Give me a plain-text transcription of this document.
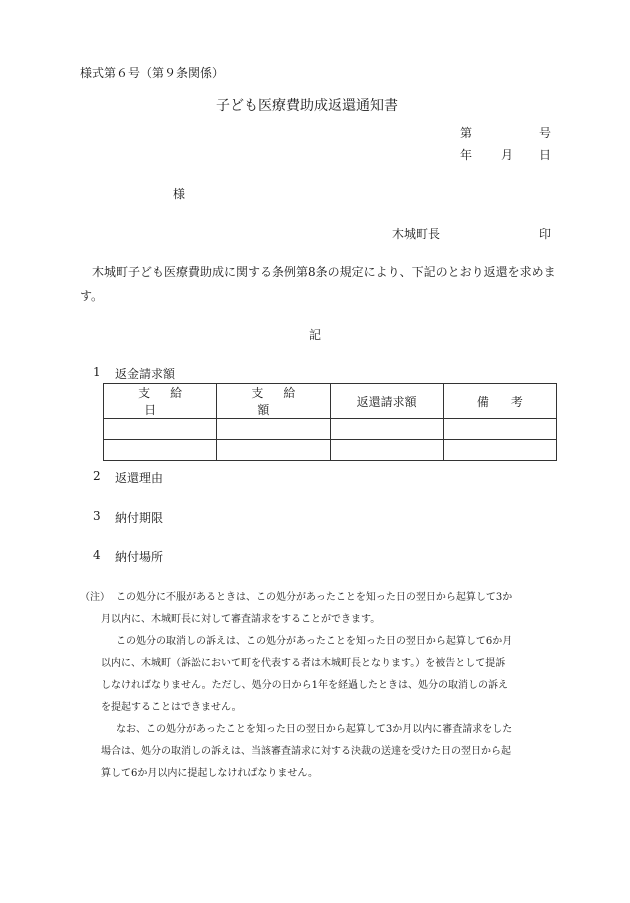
様式第６号（第９条関係）
子ども医療費助成返還通知書
第	号
年 月 日
様
木城町長	印
木城町子ども医療費助成に関する条例第8条の規定により、下記のとおり返還を求めます。
記
1 返金請求額
支給日	支給額	返還請求額	備考

2 返還理由
3 納付期限
4 納付場所
（注） この処分に不服があるときは、この処分があったことを知った日の翌日から起算して3か
月以内に、木城町長に対して審査請求をすることができます。
この処分の取消しの訴えは、この処分があったことを知った日の翌日から起算して6か月
以内に、木城町（訴訟において町を代表する者は木城町長となります。）を被告として提訴
しなければなりません。ただし、処分の日から1年を経過したときは、処分の取消しの訴え
を提起することはできません。
なお、この処分があったことを知った日の翌日から起算して3か月以内に審査請求をした
場合は、処分の取消しの訴えは、当該審査請求に対する決裁の送達を受けた日の翌日から起
算して6か月以内に提起しなければなりません。
